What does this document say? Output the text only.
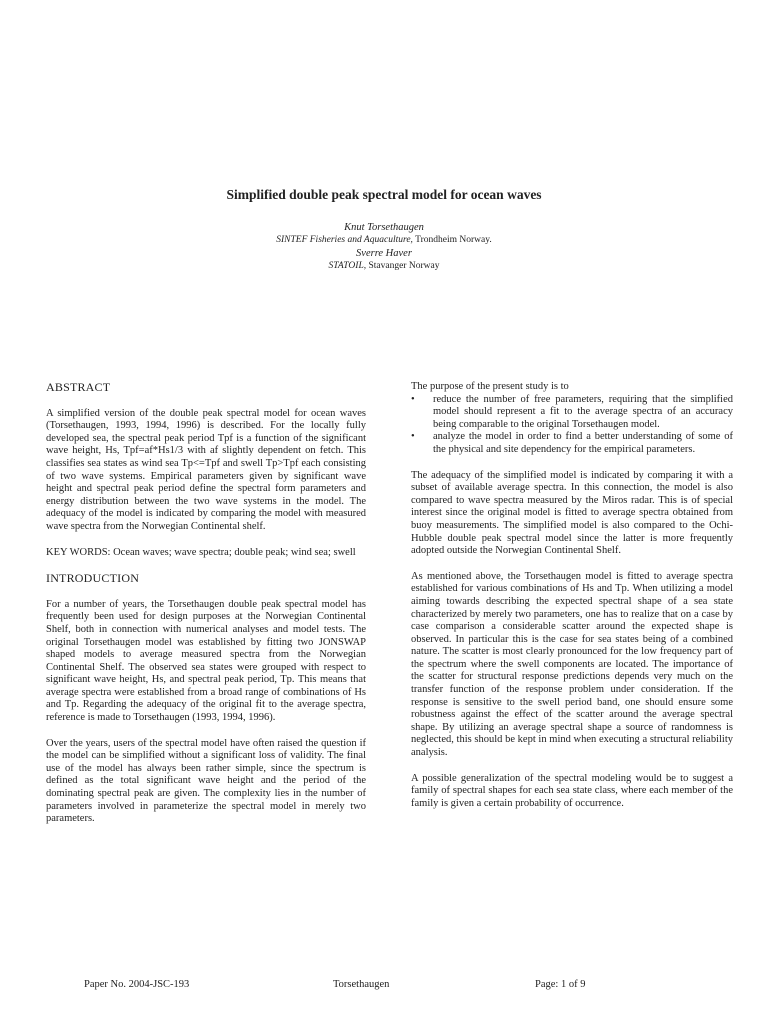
Simplified double peak spectral model for ocean waves
Knut Torsethaugen
SINTEF Fisheries and Aquaculture, Trondheim Norway.
Sverre Haver
STATOIL, Stavanger Norway
ABSTRACT

A simplified version of the double peak spectral model for ocean waves (Torsethaugen, 1993, 1994, 1996) is described. For the locally fully developed sea, the spectral peak period Tpf is a function of the significant wave height, Hs, Tpf=af*Hs1/3 with af slightly dependent on fetch. This classifies sea states as wind sea Tp<=Tpf and swell Tp>Tpf each consisting of two wave systems. Empirical parameters given by significant wave height and spectral peak period define the spectral form parameters and energy distribution between the two wave systems in the model. The adequacy of the model is indicated by comparing the model with measured wave spectra from the Norwegian Continental shelf.

KEY WORDS: Ocean waves; wave spectra; double peak; wind sea; swell

INTRODUCTION

For a number of years, the Torsethaugen double peak spectral model has frequently been used for design purposes at the Norwegian Continental Shelf, both in connection with numerical analyses and model tests. The original Torsethaugen model was established by fitting two JONSWAP shaped models to average measured spectra from the Norwegian Continental Shelf. The observed sea states were grouped with respect to significant wave height, Hs, and spectral peak period, Tp. This means that average spectra were established from a broad range of combinations of Hs and Tp. Regarding the adequacy of the original fit to the average spectra, reference is made to Torsethaugen (1993, 1994, 1996).

Over the years, users of the spectral model have often raised the question if the model can be simplified without a significant loss of validity. The final use of the model has always been rather simple, since the spectrum is defined as the total significant wave height and the period of the dominating spectral peak are given. The complexity lies in the number of parameters involved in parameterize the spectral model in merely two parameters.

The purpose of the present study is to
• reduce the number of free parameters, requiring that the simplified model should represent a fit to the average spectra of an accuracy being comparable to the original Torsethaugen model.
• analyze the model in order to find a better understanding of some of the physical and site dependency for the empirical parameters.

The adequacy of the simplified model is indicated by comparing it with a subset of available average spectra. In this connection, the model is also compared to wave spectra measured by the Miros radar. This is of special interest since the original model is fitted to average spectra obtained from buoy measurements. The simplified model is also compared to the Ochi-Hubble double peak spectral model since the latter is more frequently adopted outside the Norwegian Continental Shelf.

As mentioned above, the Torsethaugen model is fitted to average spectra established for various combinations of Hs and Tp. When utilizing a model aiming towards describing the expected spectral shape of a sea state characterized by merely two parameters, one has to realize that on a case by case comparison a considerable scatter around the expected shape is observed. In particular this is the case for sea states being of a combined nature. The scatter is most clearly pronounced for the low frequency part of the spectrum where the swell components are located. The importance of the scatter for structural response predictions depends very much on the transfer function of the response problem under consideration. If the response is sensitive to the swell period band, one should ensure some robustness against the effect of the scatter around the average spectral shape. By utilizing an average spectral shape a source of randomness is neglected, this should be kept in mind when executing a structural reliability analysis.

A possible generalization of the spectral modeling would be to suggest a family of spectral shapes for each sea state class, where each member of the family is given a certain probability of occurrence.

Paper No. 2004-JSC-193	Torsethaugen	Page: 1 of 9
